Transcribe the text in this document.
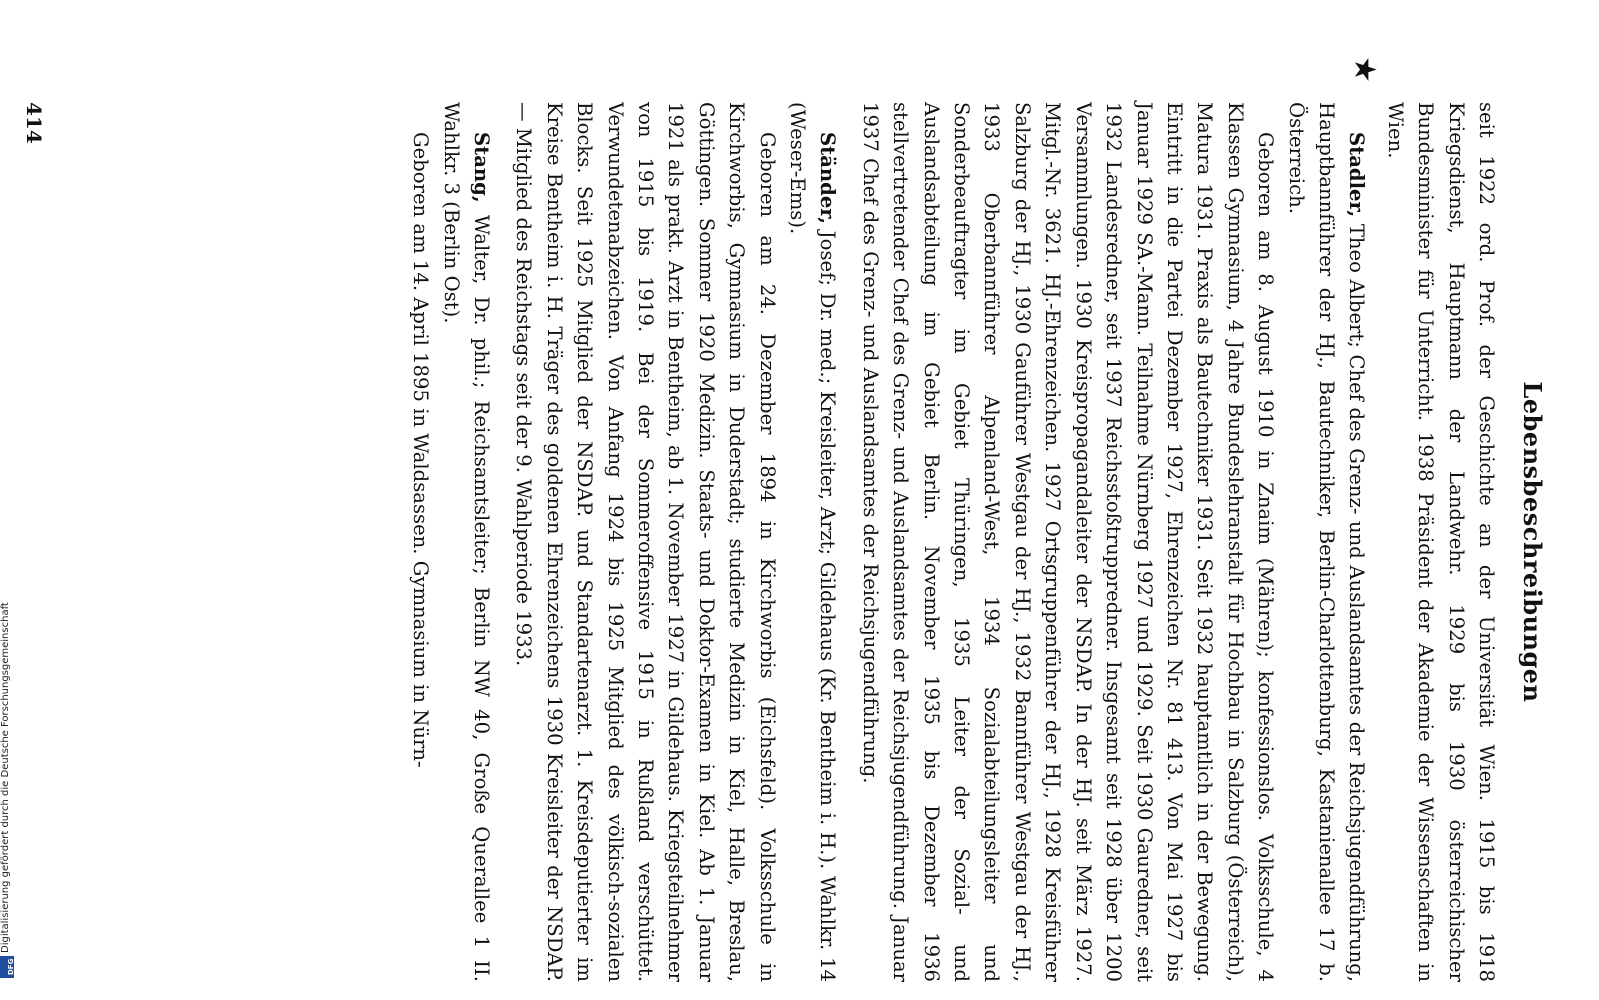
Lebensbeschreibungen
★

seit 1922 ord. Prof. der Geschichte an der Universität Wien. 1915 bis 1918 Kriegsdienst, Hauptmann der Landwehr. 1929 bis 1930 österreichischer Bundesminister für Unterricht. 1938 Präsident der Akademie der Wissenschaften in Wien.

Stadler, Theo Albert; Chef des Grenz- und Auslandsamtes der Reichsjugendführung, Hauptbannführer der HJ., Bautechniker, Berlin-Charlottenburg, Kastanienallee 17 b. Österreich.

Geboren am 8. August 1910 in Znaim (Mähren); konfessionslos. Volksschule, 4 Klassen Gymnasium, 4 Jahre Bundeslehranstalt für Hochbau in Salzburg (Österreich), Matura 1931. Praxis als Bautechniker 1931. Seit 1932 hauptamtlich in der Bewegung. Eintritt in die Partei Dezember 1927, Ehrenzeichen Nr. 81 413. Von Mai 1927 bis Januar 1929 SA.-Mann. Teilnahme Nürnberg 1927 und 1929. Seit 1930 Gauredner, seit 1932 Landesredner, seit 1937 Reichsstoßtruppredner. Insgesamt seit 1928 über 1200 Versammlungen. 1930 Kreispropagandaleiter der NSDAP. In der HJ. seit März 1927. Mitgl.-Nr. 3621. HJ.-Ehrenzeichen. 1927 Ortsgruppenführer der HJ., 1928 Kreisführer Salzburg der HJ., 1930 Gauführer Westgau der HJ., 1932 Bannführer Westgau der HJ., 1933 Oberbannführer Alpenland-West, 1934 Sozialabteilungsleiter und Sonderbeauftragter im Gebiet Thüringen, 1935 Leiter der Sozial- und Auslandsabteilung im Gebiet Berlin. November 1935 bis Dezember 1936 stellvertretender Chef des Grenz- und Auslandsamtes der Reichsjugendführung. Januar 1937 Chef des Grenz- und Auslandsamtes der Reichsjugendführung.

Ständer, Josef; Dr. med.; Kreisleiter, Arzt; Gildehaus (Kr. Bentheim i. H.). Wahlkr. 14 (Weser-Ems).

Geboren am 24. Dezember 1894 in Kirchworbis (Eichsfeld). Volksschule in Kirchworbis, Gymnasium in Duderstadt; studierte Medizin in Kiel, Halle, Breslau, Göttingen. Sommer 1920 Medizin. Staats- und Doktor-Examen in Kiel. Ab 1. Januar 1921 als prakt. Arzt in Bentheim, ab 1. November 1927 in Gildehaus. Kriegsteilnehmer von 1915 bis 1919. Bei der Sommeroffensive 1915 in Rußland verschüttet. Verwundetenabzeichen. Von Anfang 1924 bis 1925 Mitglied des völkisch-sozialen Blocks. Seit 1925 Mitglied der NSDAP. und Standartenarzt. 1. Kreisdeputierter im Kreise Bentheim i. H. Träger des goldenen Ehrenzeichens 1930 Kreisleiter der NSDAP. — Mitglied des Reichstags seit der 9. Wahlperiode 1933.

Stang, Walter, Dr. phil.; Reichsamtsleiter; Berlin NW 40, Große Querallee 1 II. Wahlkr. 3 (Berlin Ost).

Geboren am 14. April 1895 in Waldsassen. Gymnasium in Nürn-

414
Digitalisierung gefördert durch die Deutsche Forschungsgemeinschaft
DFG
